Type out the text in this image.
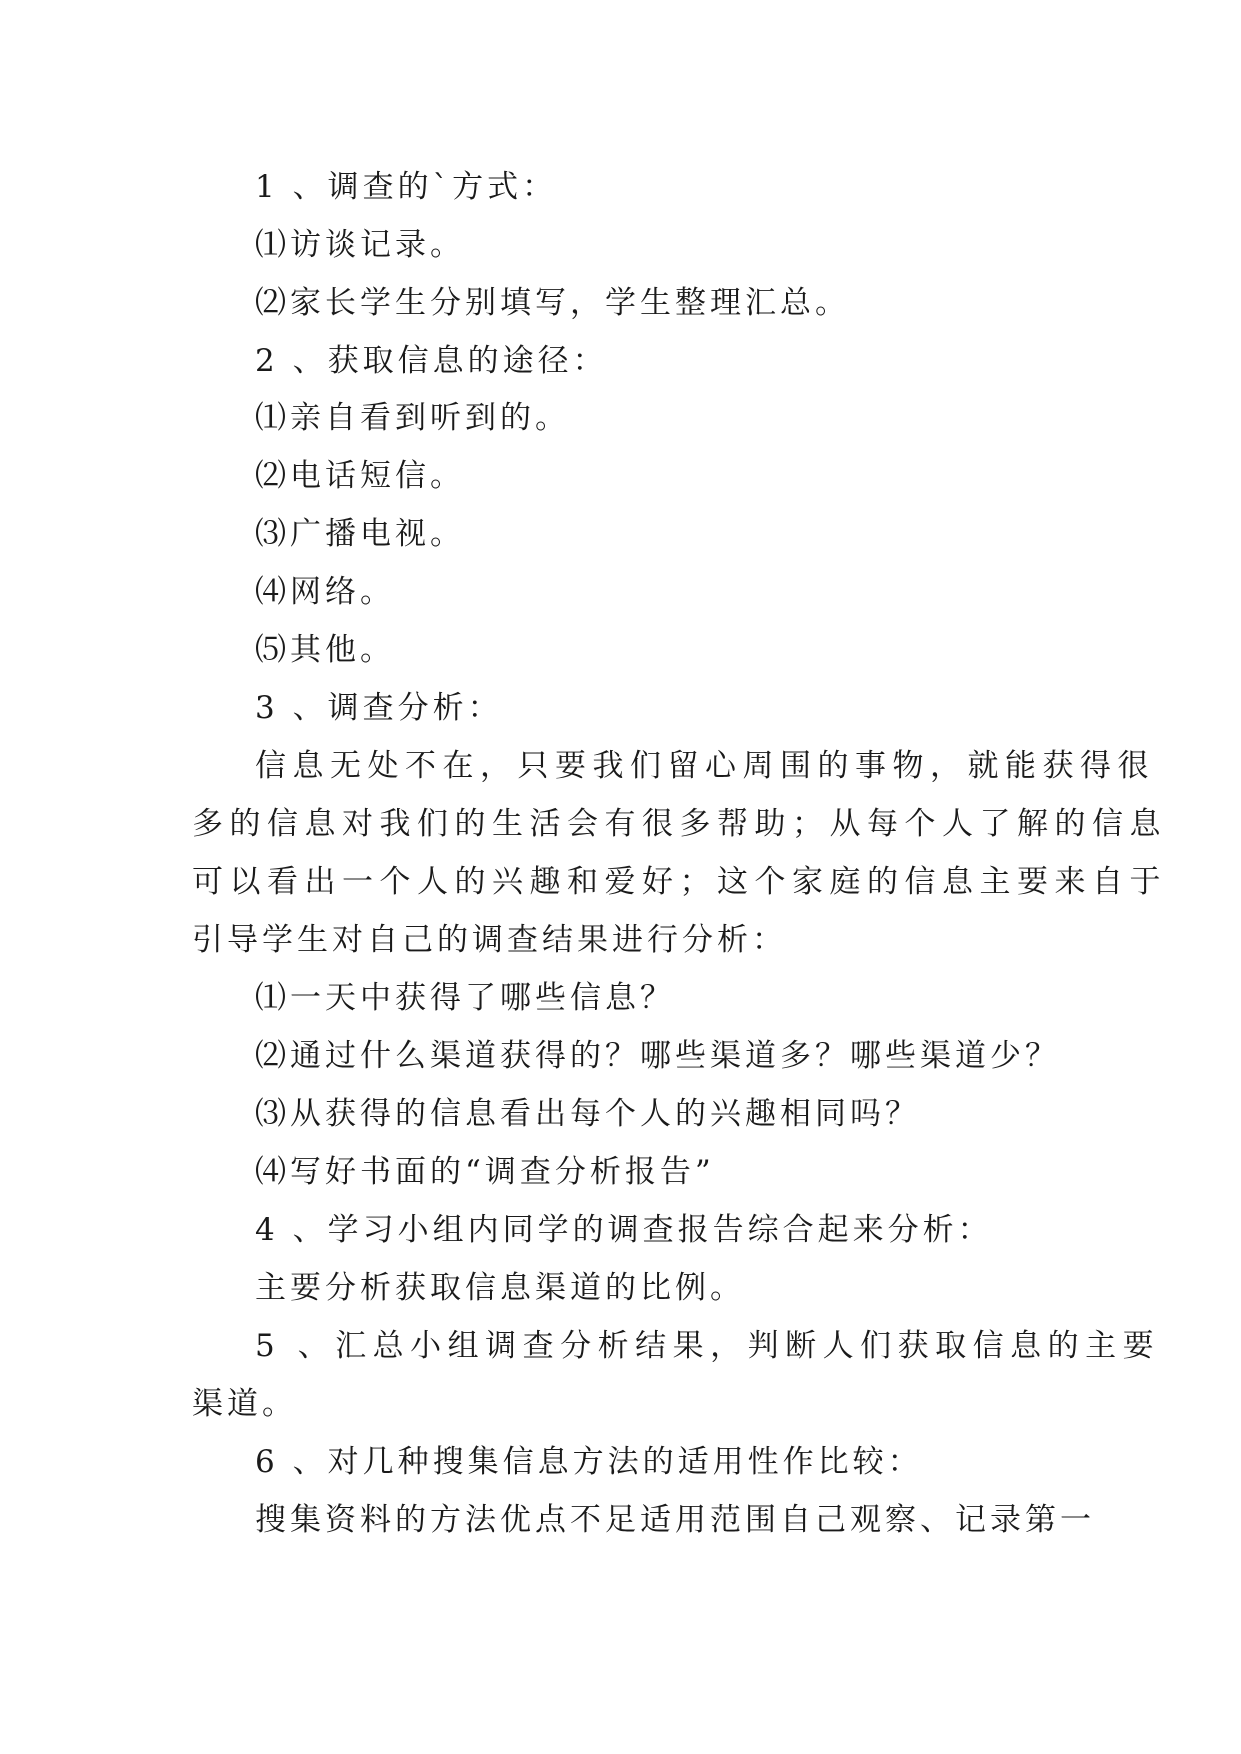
1 、调查的`方式：

⑴访谈记录。

⑵家长学生分别填写，学生整理汇总。

2 、获取信息的途径：

⑴亲自看到听到的。

⑵电话短信。

⑶广播电视。

⑷网络。

⑸其他。

3 、调查分析：

信息无处不在，只要我们留心周围的事物，就能获得很

多的信息对我们的生活会有很多帮助；从每个人了解的信息

可以看出一个人的兴趣和爱好；这个家庭的信息主要来自于

引导学生对自己的调查结果进行分析：

⑴一天中获得了哪些信息？

⑵通过什么渠道获得的？哪些渠道多？哪些渠道少？

⑶从获得的信息看出每个人的兴趣相同吗？

⑷写好书面的“调查分析报告”

4 、学习小组内同学的调查报告综合起来分析：

主要分析获取信息渠道的比例。

5 、汇总小组调查分析结果，判断人们获取信息的主要

渠道。

6 、对几种搜集信息方法的适用性作比较：

搜集资料的方法优点不足适用范围自己观察、记录第一
